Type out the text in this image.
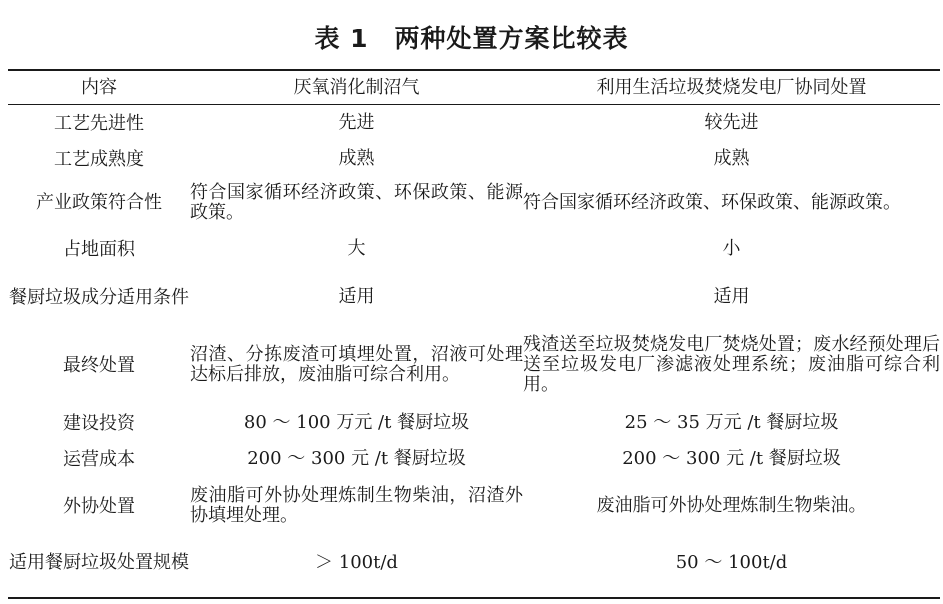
表 1　两种处置方案比较表
内容	厌氧消化制沼气	利用生活垃圾焚烧发电厂协同处置
工艺先进性	先进	较先进
工艺成熟度	成熟	成熟
产业政策符合性	符合国家循环经济政策、环保政策、能源政策。	符合国家循环经济政策、环保政策、能源政策。
占地面积	大	小
餐厨垃圾成分适用条件	适用	适用
最终处置	沼渣、分拣废渣可填埋处置，沼液可处理达标后排放，废油脂可综合利用。	残渣送至垃圾焚烧发电厂焚烧处置；废水经预处理后送至垃圾发电厂渗滤液处理系统；废油脂可综合利用。
建设投资	80 ～ 100 万元 /t 餐厨垃圾	25 ～ 35 万元 /t 餐厨垃圾
运营成本	200 ～ 300 元 /t 餐厨垃圾	200 ～ 300 元 /t 餐厨垃圾
外协处置	废油脂可外协处理炼制生物柴油，沼渣外协填埋处理。	废油脂可外协处理炼制生物柴油。
适用餐厨垃圾处置规模	＞ 100t/d	50 ～ 100t/d
